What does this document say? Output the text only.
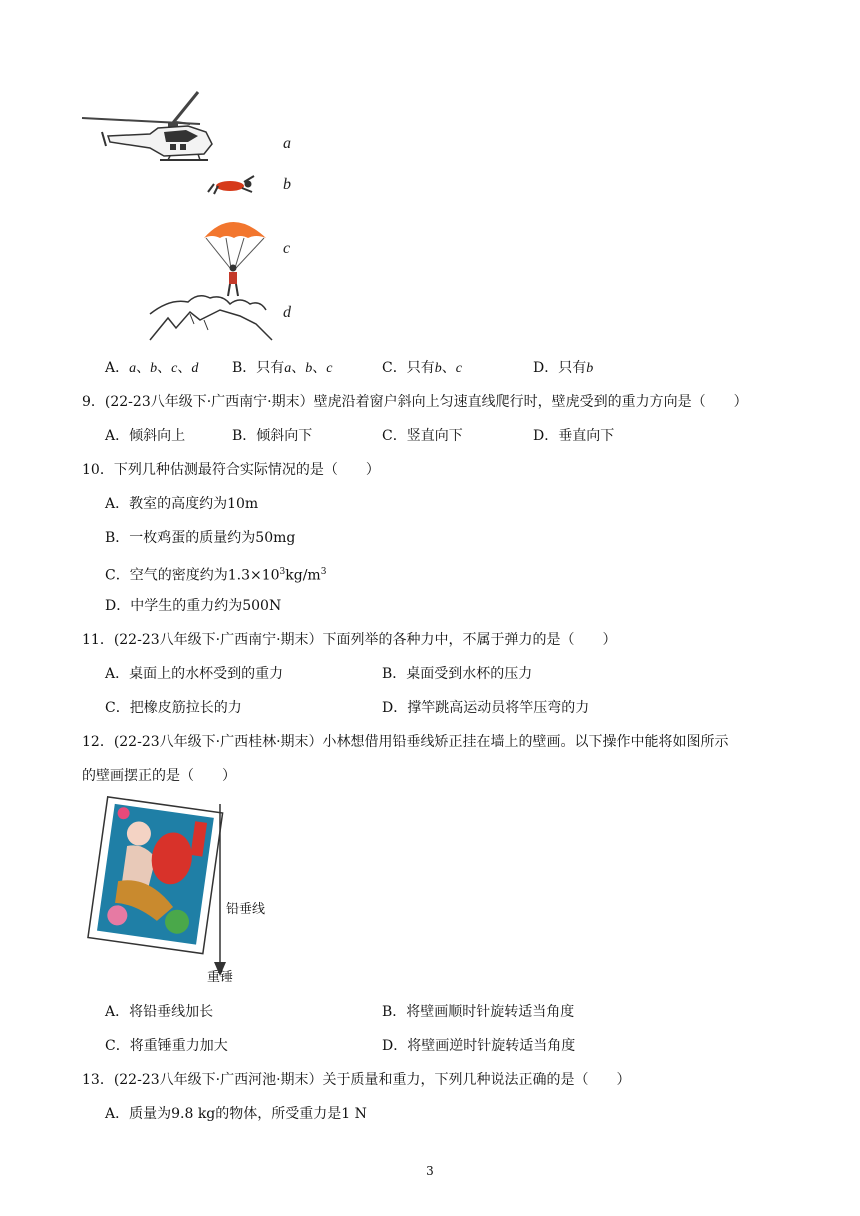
a
b
c
d
A．a、b、c、d B．只有a、b、c	C．只有b、c	D．只有b
9．(22-23八年级下·广西南宁·期末）壁虎沿着窗户斜向上匀速直线爬行时，壁虎受到的重力方向是（　　）
A．倾斜向上	B．倾斜向下	C．竖直向下	D．垂直向下
10．下列几种估测最符合实际情况的是（　　）
A．教室的高度约为10m
B．一枚鸡蛋的质量约为50mg
C．空气的密度约为$1.3\times 10^3kg/m^3$
D．中学生的重力约为500N
11．(22-23八年级下·广西南宁·期末）下面列举的各种力中，不属于弹力的是（　　）
A．桌面上的水杯受到的重力	B．桌面受到水杯的压力
C．把橡皮筋拉长的力	D．撑竿跳高运动员将竿压弯的力
12．(22-23八年级下·广西桂林·期末）小林想借用铅垂线矫正挂在墙上的壁画。以下操作中能将如图所示
的壁画摆正的是（　　）
铅垂线
重锤
A．将铅垂线加长	B．将壁画顺时针旋转适当角度
C．将重锤重力加大	D．将壁画逆时针旋转适当角度
13．(22-23八年级下·广西河池·期末）关于质量和重力，下列几种说法正确的是（　　）
A．质量为9.8 kg的物体，所受重力是1 N
3
